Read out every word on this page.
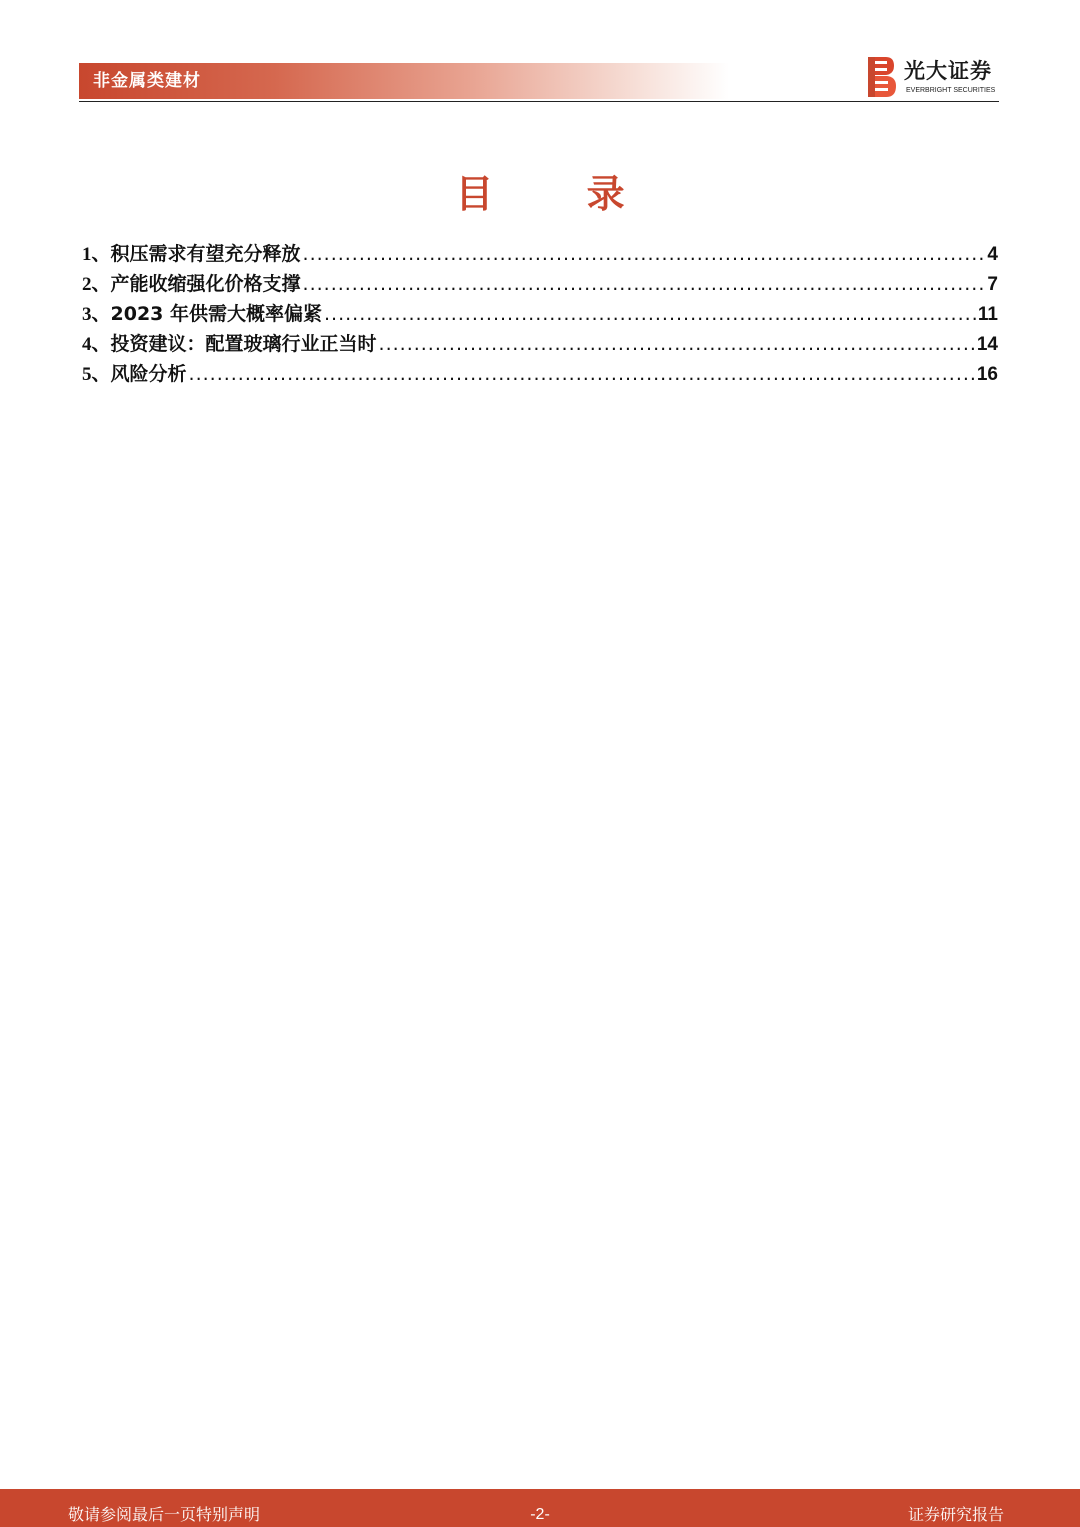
非金属类建材	光大证券
EVERBRIGHT SECURITIES
目 录
1、 积压需求有望充分释放 .....	4
2、 产能收缩强化价格支撑 .....	7
3、 2023 年供需大概率偏紧 .....	11
4、 投资建议：配置玻璃行业正当时 .....	14
5、 风险分析 .....	16
敬请参阅最后一页特别声明	-2-	证券研究报告
